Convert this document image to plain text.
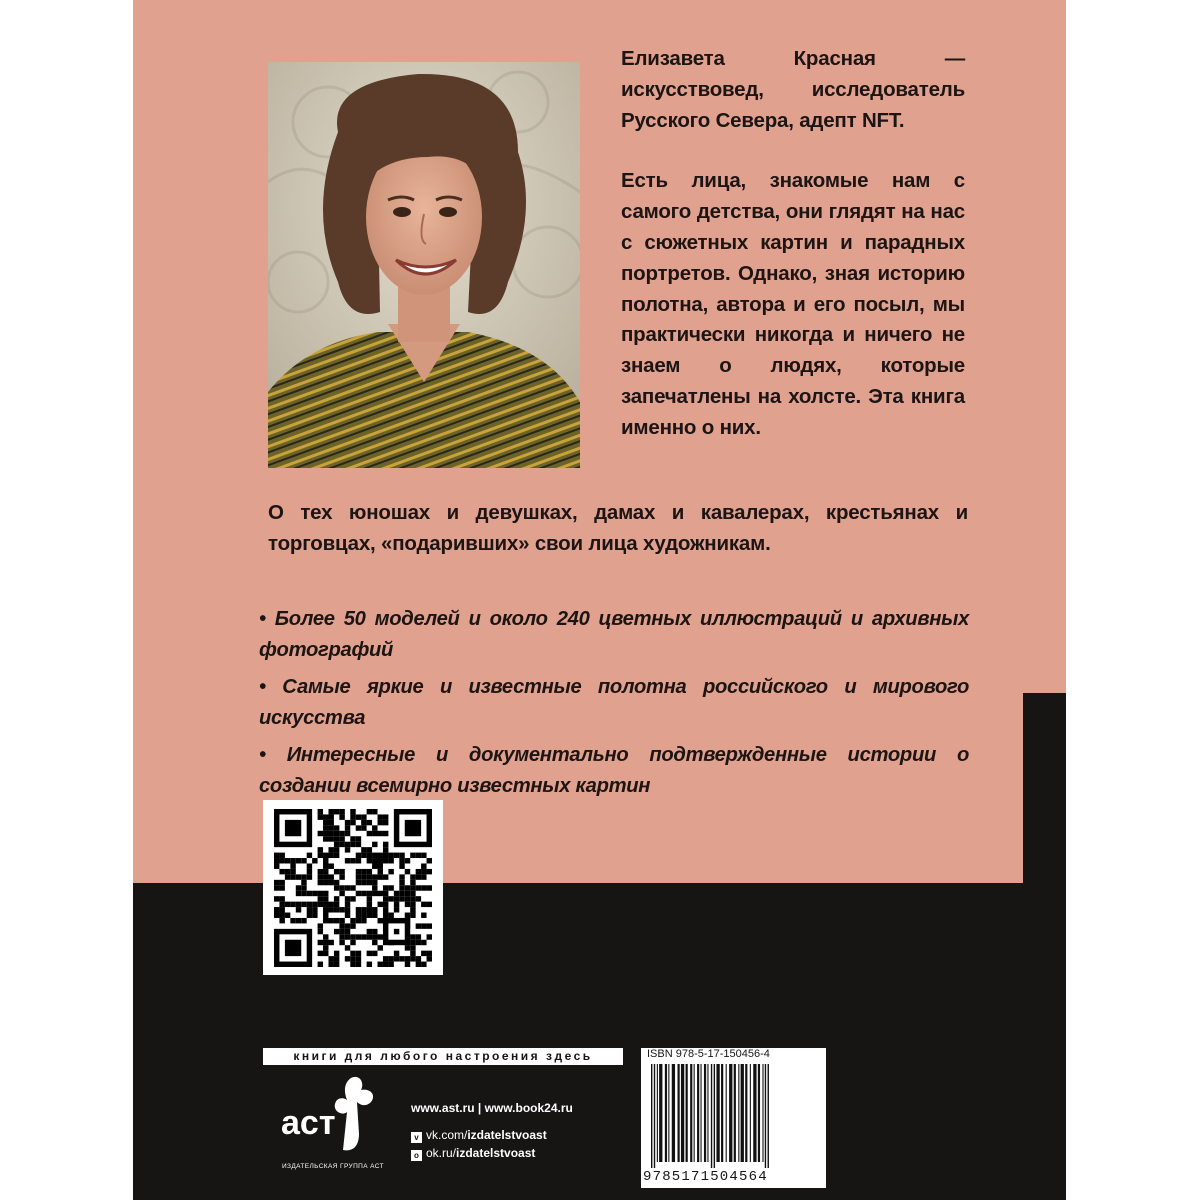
Елизавета Красная — искусствовед, исследователь Русского Севера, адепт NFT.

Есть лица, знакомые нам с самого детства, они глядят на нас с сюжетных картин и парадных портретов. Однако, зная историю полотна, автора и его посыл, мы практически никогда и ничего не знаем о людях, которые запечатлены на холсте. Эта книга именно о них.

О тех юношах и девушках, дамах и кавалерах, крестьянах и торговцах, «подаривших» свои лица художникам.
• Более 50 моделей и около 240 цветных иллюстраций и архивных фотографий
• Самые яркие и известные полотна российского и мирового искусства
• Интересные и документально подтвержденные истории о создании всемирно известных картин
книги для любого настроения здесь
аст
ИЗДАТЕЛЬСКАЯ ГРУППА АСТ
www.ast.ru | www.book24.ru
v vk.com/izdatelstvoast
o ok.ru/izdatelstvoast
ISBN 978-5-17-150456-4
9785171504564
